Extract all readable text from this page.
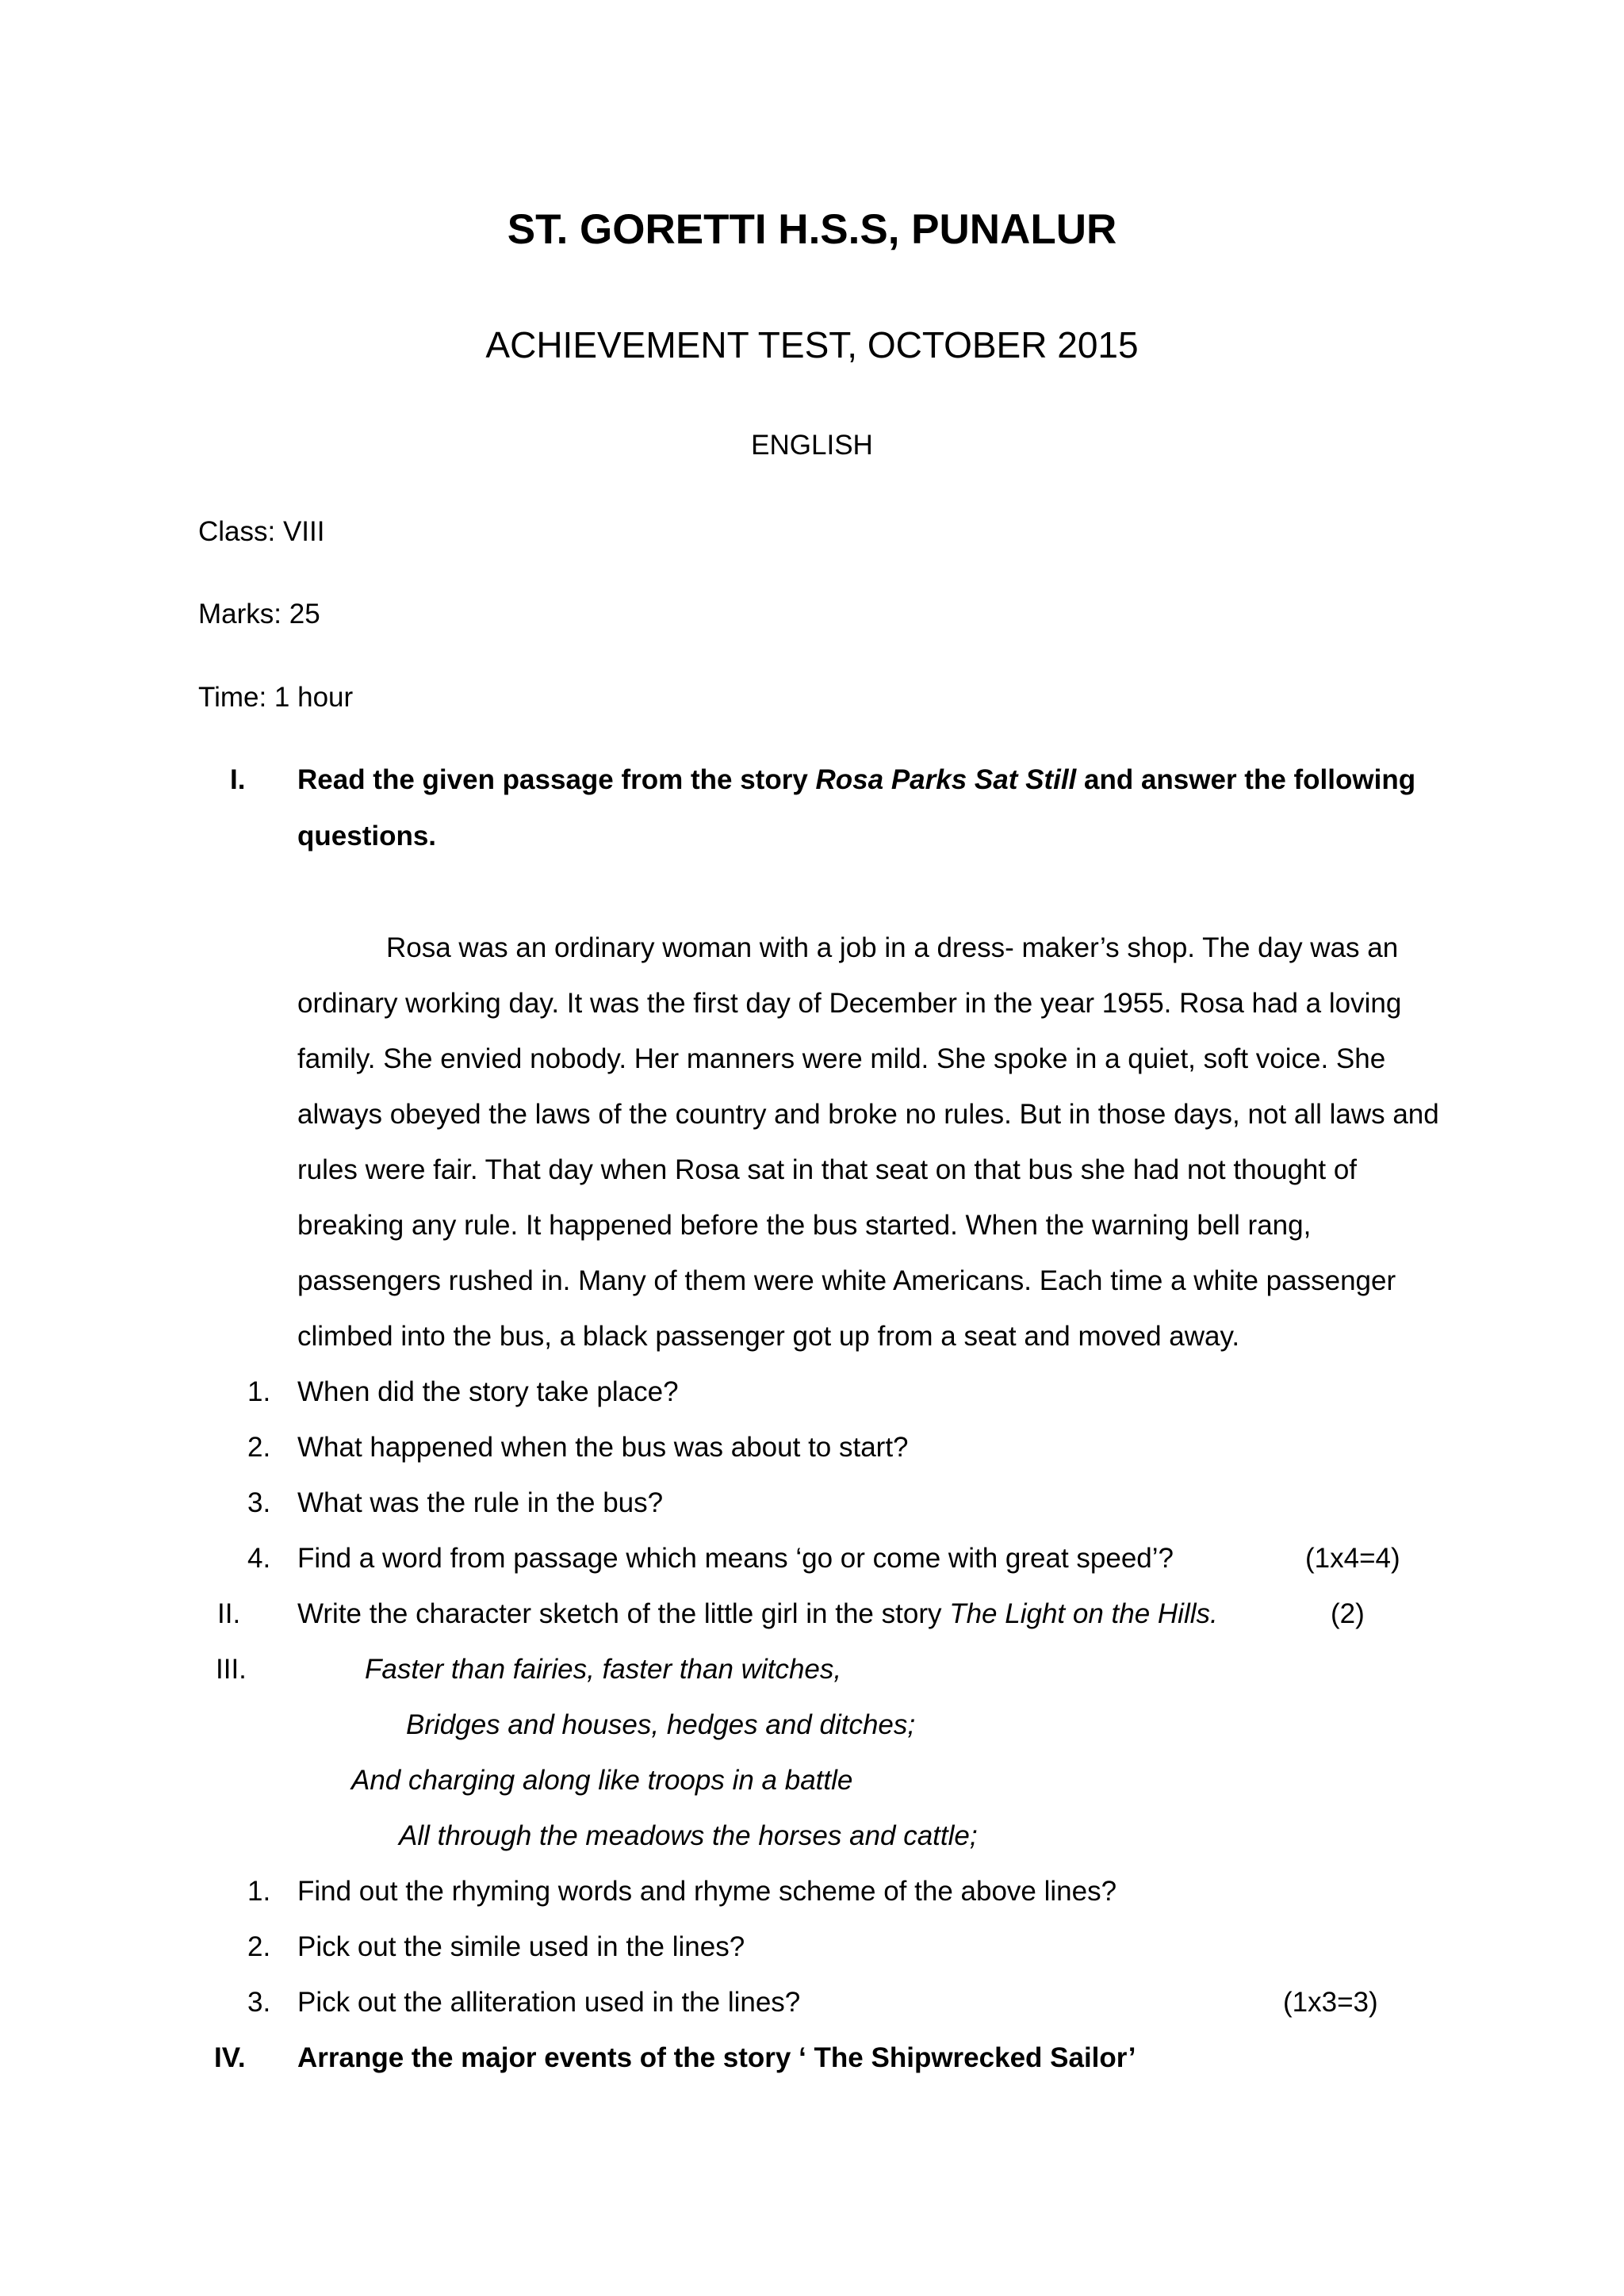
ST. GORETTI H.S.S, PUNALUR
ACHIEVEMENT TEST, OCTOBER 2015
ENGLISH
Class: VIII
Marks: 25
Time: 1 hour
I. Read the given passage from the story Rosa Parks Sat Still and answer the following
questions.
Rosa was an ordinary woman with a job in a dress- maker’s shop. The day was an
ordinary working day. It was the first day of December in the year 1955. Rosa had a loving
family. She envied nobody. Her manners were mild. She spoke in a quiet, soft voice. She
always obeyed the laws of the country and broke no rules. But in those days, not all laws and
rules were fair. That day when Rosa sat in that seat on that bus she had not thought of
breaking any rule. It happened before the bus started. When the warning bell rang,
passengers rushed in. Many of them were white Americans. Each time a white passenger
climbed into the bus, a black passenger got up from a seat and moved away.
1. When did the story take place?
2. What happened when the bus was about to start?
3. What was the rule in the bus?
4. Find a word from passage which means ‘go or come with great speed’?	(1x4=4)
II. Write the character sketch of the little girl in the story The Light on the Hills.	(2)
III.	Faster than fairies, faster than witches,
Bridges and houses, hedges and ditches;
And charging along like troops in a battle
All through the meadows the horses and cattle;
1. Find out the rhyming words and rhyme scheme of the above lines?
2. Pick out the simile used in the lines?
3. Pick out the alliteration used in the lines?	(1x3=3)
IV. Arrange the major events of the story ‘ The Shipwrecked Sailor’
